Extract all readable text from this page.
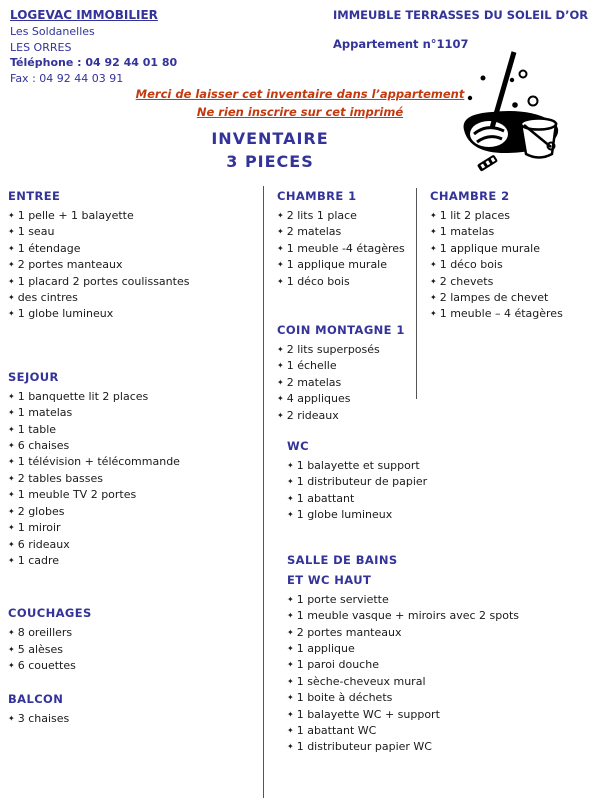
LOGEVAC IMMOBILIER
Les Soldanelles
LES ORRES
Téléphone : 04 92 44 01 80
Fax : 04 92 44 03 91
IMMEUBLE TERRASSES DU SOLEIL D’OR
Appartement n°1107
Merci de laisser cet inventaire dans l’appartement
Ne rien inscrire sur cet imprimé
INVENTAIRE
3 PIECES
ENTREE
✦ 1 pelle + 1 balayette
✦ 1 seau
✦ 1 étendage
✦ 2 portes manteaux
✦ 1 placard 2 portes coulissantes
✦ des cintres
✦ 1 globe lumineux
SEJOUR
✦ 1 banquette lit 2 places
✦ 1 matelas
✦ 1 table
✦ 6 chaises
✦ 1 télévision + télécommande
✦ 2 tables basses
✦ 1 meuble TV 2 portes
✦ 2 globes
✦ 1 miroir
✦ 6 rideaux
✦ 1 cadre
COUCHAGES
✦ 8 oreillers
✦ 5 alèses
✦ 6 couettes
BALCON
✦ 3 chaises
CHAMBRE 1
✦ 2 lits 1 place
✦ 2 matelas
✦ 1 meuble -4 étagères
✦ 1 applique murale
✦ 1 déco bois
COIN MONTAGNE 1
✦ 2 lits superposés
✦ 1 échelle
✦ 2 matelas
✦ 4 appliques
✦ 2 rideaux
WC
✦ 1 balayette et support
✦ 1 distributeur de papier
✦ 1 abattant
✦ 1 globe lumineux
SALLE DE BAINS ET WC HAUT
✦ 1 porte serviette
✦ 1 meuble vasque + miroirs avec 2 spots
✦ 2 portes manteaux
✦ 1 applique
✦ 1 paroi douche
✦ 1 sèche-cheveux mural
✦ 1 boite à déchets
✦ 1 balayette WC + support
✦ 1 abattant WC
✦ 1 distributeur papier WC
CHAMBRE 2
✦ 1 lit 2 places
✦ 1 matelas
✦ 1 applique murale
✦ 1 déco bois
✦ 2 chevets
✦ 2 lampes de chevet
✦ 1 meuble – 4 étagères
